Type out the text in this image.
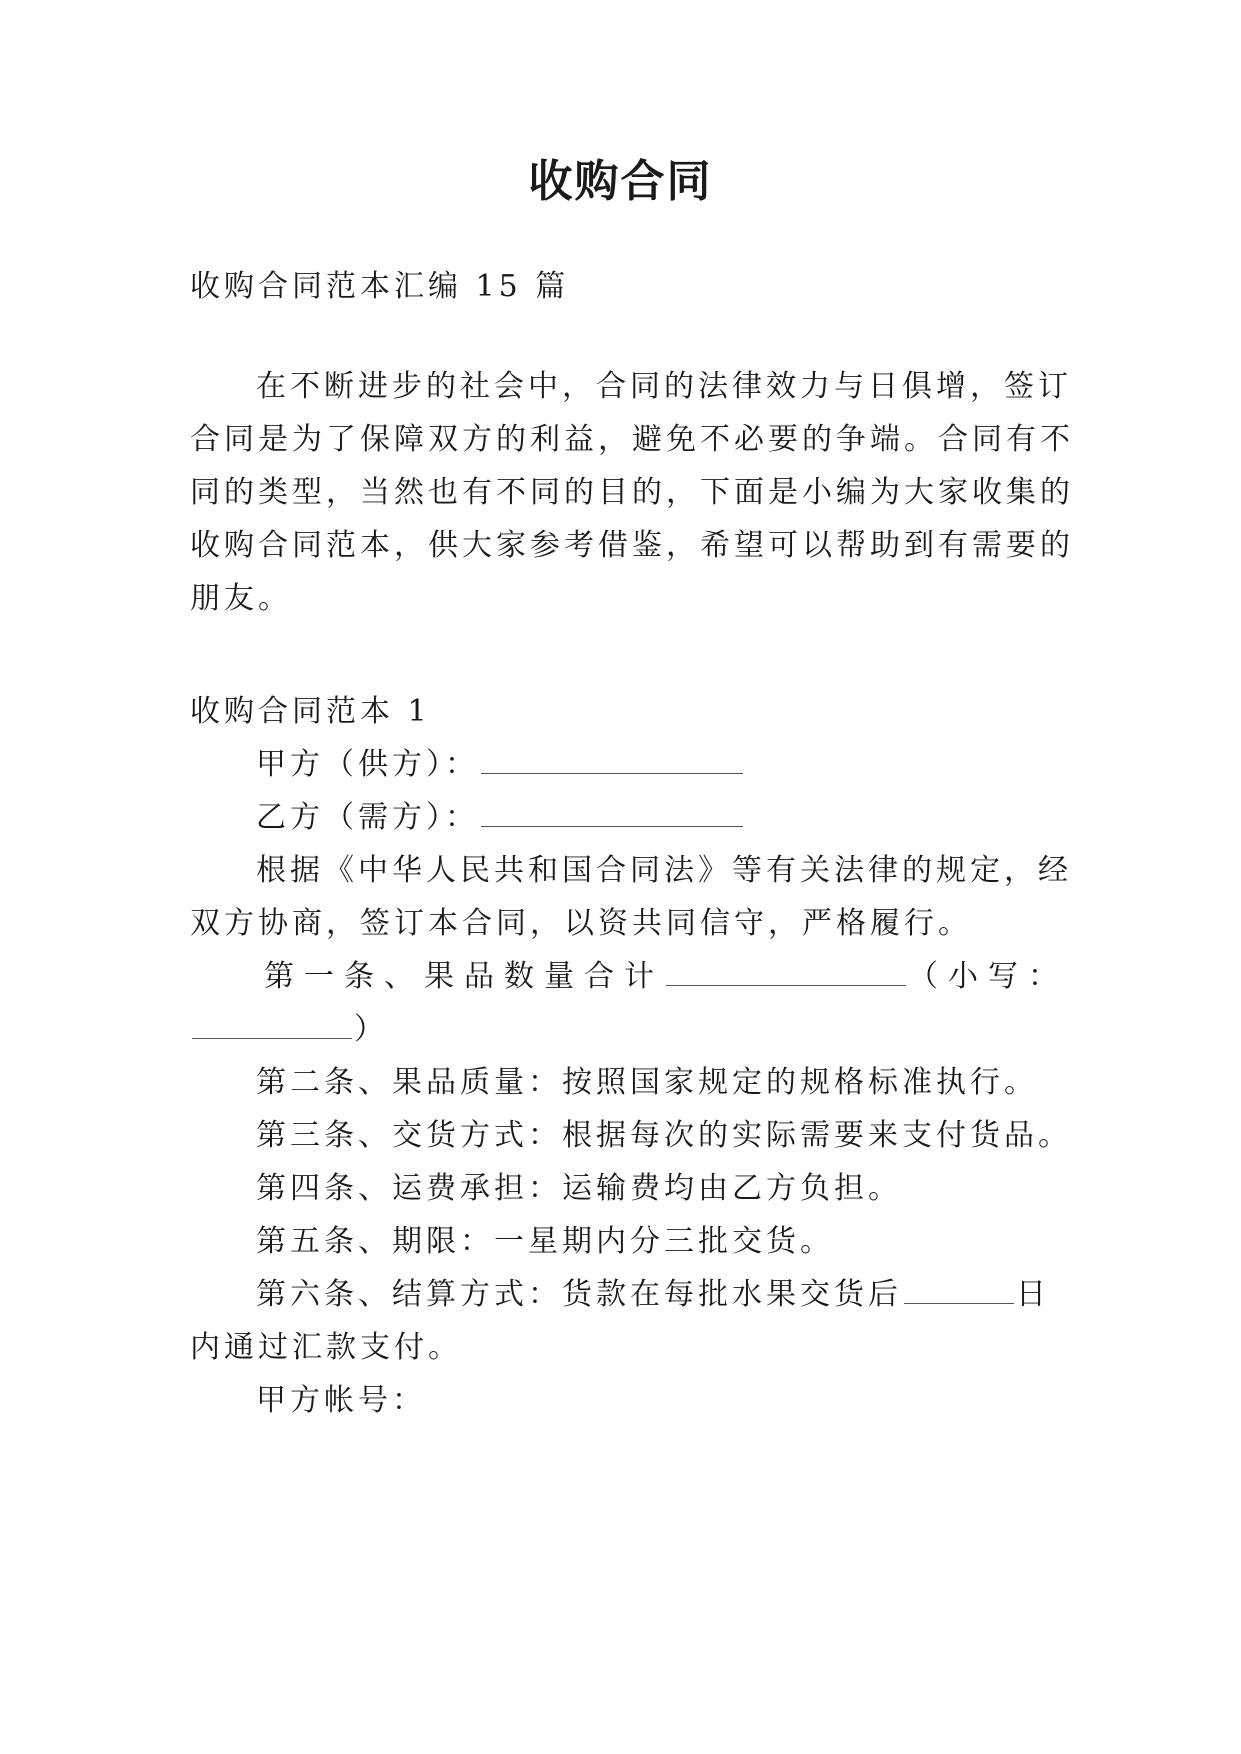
收购合同
收购合同范本汇编 15 篇
在不断进步的社会中，合同的法律效力与日俱增，签订
合同是为了保障双方的利益，避免不必要的争端。合同有不
同的类型，当然也有不同的目的，下面是小编为大家收集的
收购合同范本，供大家参考借鉴，希望可以帮助到有需要的
朋友。
收购合同范本 1
甲方（供方）：
乙方（需方）：
根据《中华人民共和国合同法》等有关法律的规定，经
双方协商，签订本合同，以资共同信守，严格履行。
第一条、果品数量合计	（小写：
）
第二条、果品质量：按照国家规定的规格标准执行。
第三条、交货方式：根据每次的实际需要来支付货品。
第四条、运费承担：运输费均由乙方负担。
第五条、期限：一星期内分三批交货。
第六条、结算方式：货款在每批水果交货后	日
内通过汇款支付。
甲方帐号：
